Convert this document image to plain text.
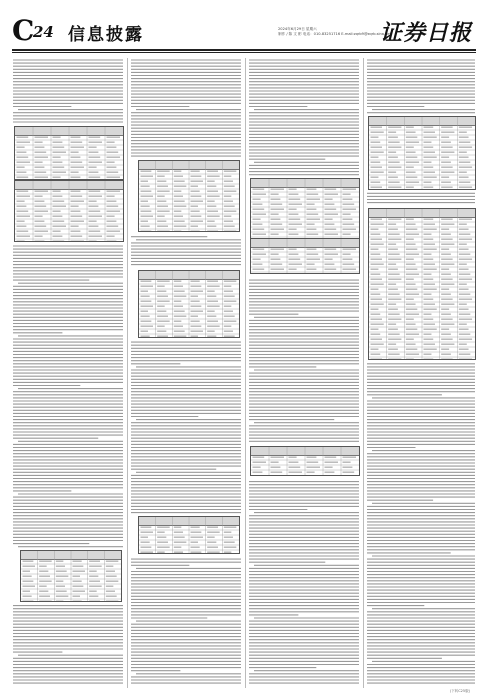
C
24 信息披露	2024年6月29日 星期六
制作 / 陈 文 彬 电话：010-83251716 E-mail:zqrb9@zqrb.sina.net
证券日报
(下转C25版)
